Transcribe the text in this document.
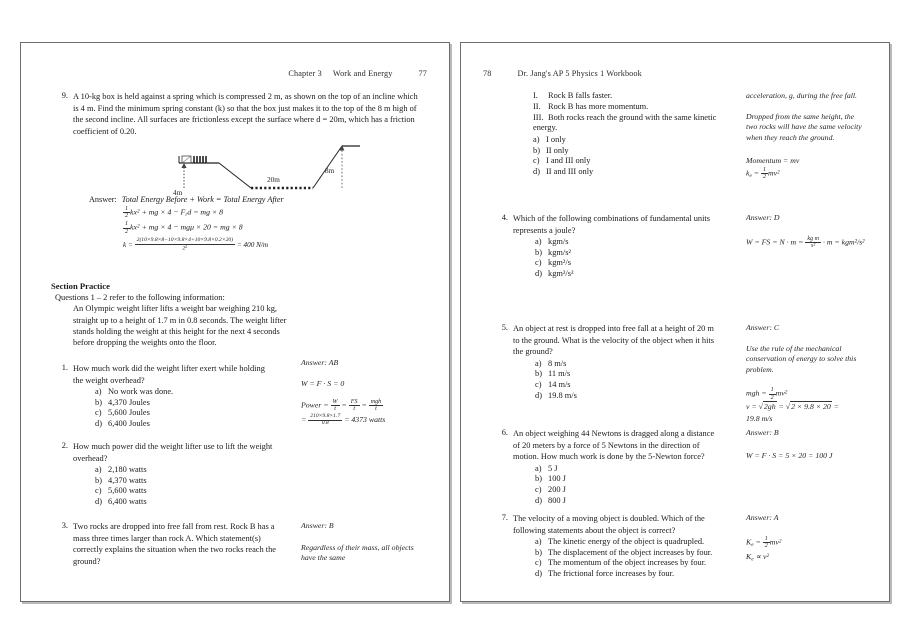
Chapter 3 Work and Energy	77
9. A 10-kg box is held against a spring which is compressed 2 m, as shown on the top of an incline which is 4 m. Find the minimum spring constant (k) so that the box just makes it to the top of the 8 m high of the second incline. All surfaces are frictionless except the surface where d = 20m, which has a friction coefficient of 0.20.
4m
20m
8m
Answer: Total Energy Before + Work = Total Energy After
$\frac{1}{2} kx^2$ + mg × $4 - F_rd$ = mg × 8
$\frac{1}{2} kx^2$ + mg × 4 − mgμ × 20 = mg × 8
$k = \frac{2(10\times 9.8\times 8-10\times 9.8\times 4+10\times 9.8\times 0.2\times 20)}{2^2} = 400$ N/m
Section Practice
Questions 1 – 2 refer to the following information:
An Olympic weight lifter lifts a weight bar weighing 210 kg, straight up to a height of 1.7 m in 0.8 seconds. The weight lifter stands holding the weight at this height for the next 4 seconds before dropping the weights onto the floor.
1. How much work did the weight lifter exert while holding the weight overhead?
a) No work was done.
b) 4,370 Joules
c) 5,600 Joules
d) 6,400 Joules
Answer: AB
W = F · S = 0
Power = $\frac{W}{t} = \frac{FS}{t} = \frac{\text{mgh}}{t}$
= $\frac{210\times 9.8\times 1.7}{0.8} = 4373$ watts
2. How much power did the weight lifter use to lift the weight overhead?
a) 2,180 watts
b) 4,370 watts
c) 5,600 watts
d) 6,400 watts
3. Two rocks are dropped into free fall from rest. Rock B has a mass three times larger than rock A. Which statement(s) correctly explains the situation when the two rocks reach the ground?
Answer: B
Regardless of their mass, all objects have the same
78	Dr. Jang's AP 5 Physics 1 Workbook
I. Rock B falls faster.
II. Rock B has more momentum.
III. Both rocks reach the ground with the same kinetic energy.
a) I only
b) II only
c) I and III only
d) II and III only
acceleration, g, during the free fall.
Dropped from the same height, the two rocks will have the same velocity when they reach the ground.
Momentum = mv
$k_e = \frac{1}{2} mv^2$
4. Which of the following combinations of fundamental units represents a joule?
a) kgm/s
b) kgm/s²
c) kgm²/s
d) kgm²/s²
Answer: D
W = FS = $N \cdot m = \frac{\text{kg m}}{\text{s²}} \cdot m = kgm^2/s^2$
5. An object at rest is dropped into free fall at a height of 20 m to the ground. What is the velocity of the object when it hits the ground?
a) 8 m/s
b) 11 m/s
c) 14 m/s
d) 19.8 m/s
Answer: C
Use the rule of the mechanical conservation of energy to solve this problem.
mgh = $\frac{1}{2} mv^2$
v = √2gh = √2 × 9.8 × 20 =
19.8 m/s
6. An object weighing 44 Newtons is dragged along a distance of 20 meters by a force of 5 Newtons in the direction of motion. How much work is done by the 5-Newton force?
a) 5 J
b) 100 J
c) 200 J
d) 800 J
Answer: B
W = F · S = 5 × 20 = 100 J
7. The velocity of a moving object is doubled. Which of the following statements about the object is correct?
a) The kinetic energy of the object is quadrupled.
b) The displacement of the object increases by four.
c) The momentum of the object increases by four.
d) The frictional force increases by four.
Answer: A
$K_e = \frac{1}{2} mv^2$
$K_e \propto v^2$
